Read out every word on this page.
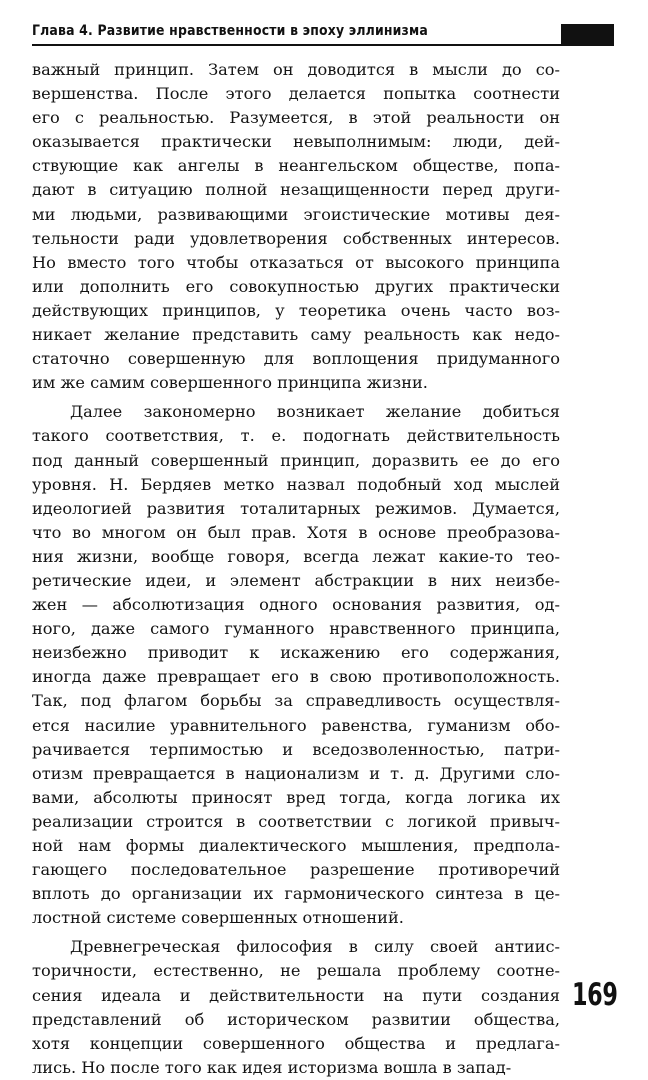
Глава 4. Развитие нравственности в эпоху эллинизма
важный принцип. Затем он доводится в мысли до со-
вершенства. После этого делается попытка соотнести
его с реальностью. Разумеется, в этой реальности он
оказывается практически невыполнимым: люди, дей-
ствующие как ангелы в неангельском обществе, попа-
дают в ситуацию полной незащищенности перед други-
ми людьми, развивающими эгоистические мотивы дея-
тельности ради удовлетворения собственных интересов.
Но вместо того чтобы отказаться от высокого принципа
или дополнить его совокупностью других практически
действующих принципов, у теоретика очень часто воз-
никает желание представить саму реальность как недо-
статочно совершенную для воплощения придуманного
им же самим совершенного принципа жизни.
Далее закономерно возникает желание добиться
такого соответствия, т. е. подогнать действительность
под данный совершенный принцип, доразвить ее до его
уровня. Н. Бердяев метко назвал подобный ход мыслей
идеологией развития тоталитарных режимов. Думается,
что во многом он был прав. Хотя в основе преобразова-
ния жизни, вообще говоря, всегда лежат какие-то тео-
ретические идеи, и элемент абстракции в них неизбе-
жен — абсолютизация одного основания развития, од-
ного, даже самого гуманного нравственного принципа,
неизбежно приводит к искажению его содержания,
иногда даже превращает его в свою противоположность.
Так, под флагом борьбы за справедливость осуществля-
ется насилие уравнительного равенства, гуманизм обо-
рачивается терпимостью и вседозволенностью, патри-
отизм превращается в национализм и т. д. Другими сло-
вами, абсолюты приносят вред тогда, когда логика их
реализации строится в соответствии с логикой привыч-
ной нам формы диалектического мышления, предпола-
гающего последовательное разрешение противоречий
вплоть до организации их гармонического синтеза в це-
лостной системе совершенных отношений.
Древнегреческая философия в силу своей антиис-
торичности, естественно, не решала проблему соотне-
сения идеала и действительности на пути создания
представлений об историческом развитии общества,
хотя концепции совершенного общества и предлага-
лись. Но после того как идея историзма вошла в запад-
169
